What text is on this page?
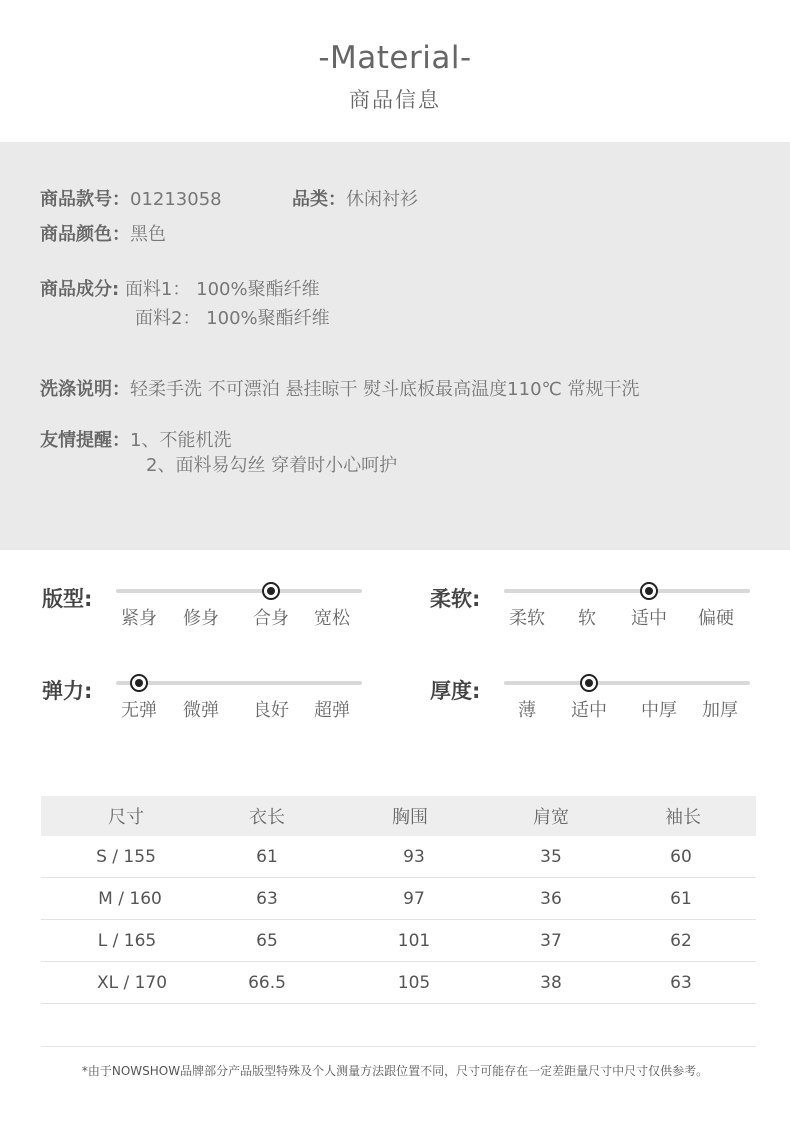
-Material-
商品信息
商品款号：01213058	品类：休闲衬衫
商品颜色：黑色
商品成分: 面料1： 100%聚酯纤维
面料2： 100%聚酯纤维
洗涤说明：轻柔手洗 不可漂泊 悬挂晾干 熨斗底板最高温度110℃ 常规干洗
友情提醒：1、不能机洗
2、面料易勾丝 穿着时小心呵护
版型:
紧身 修身 合身 宽松
柔软:
柔软 软 适中 偏硬
弹力:
无弹 微弹 良好 超弹
厚度:
薄 适中 中厚 加厚
尺寸	衣长	胸围	肩宽	袖长
S / 155	61	93	35	60
M / 160	63	97	36	61
L / 165	65	101	37	62
XL / 170	66.5	105	38	63
*由于NOWSHOW品牌部分产品版型特殊及个人测量方法跟位置不同，尺寸可能存在一定差距量尺寸中尺寸仅供参考。
